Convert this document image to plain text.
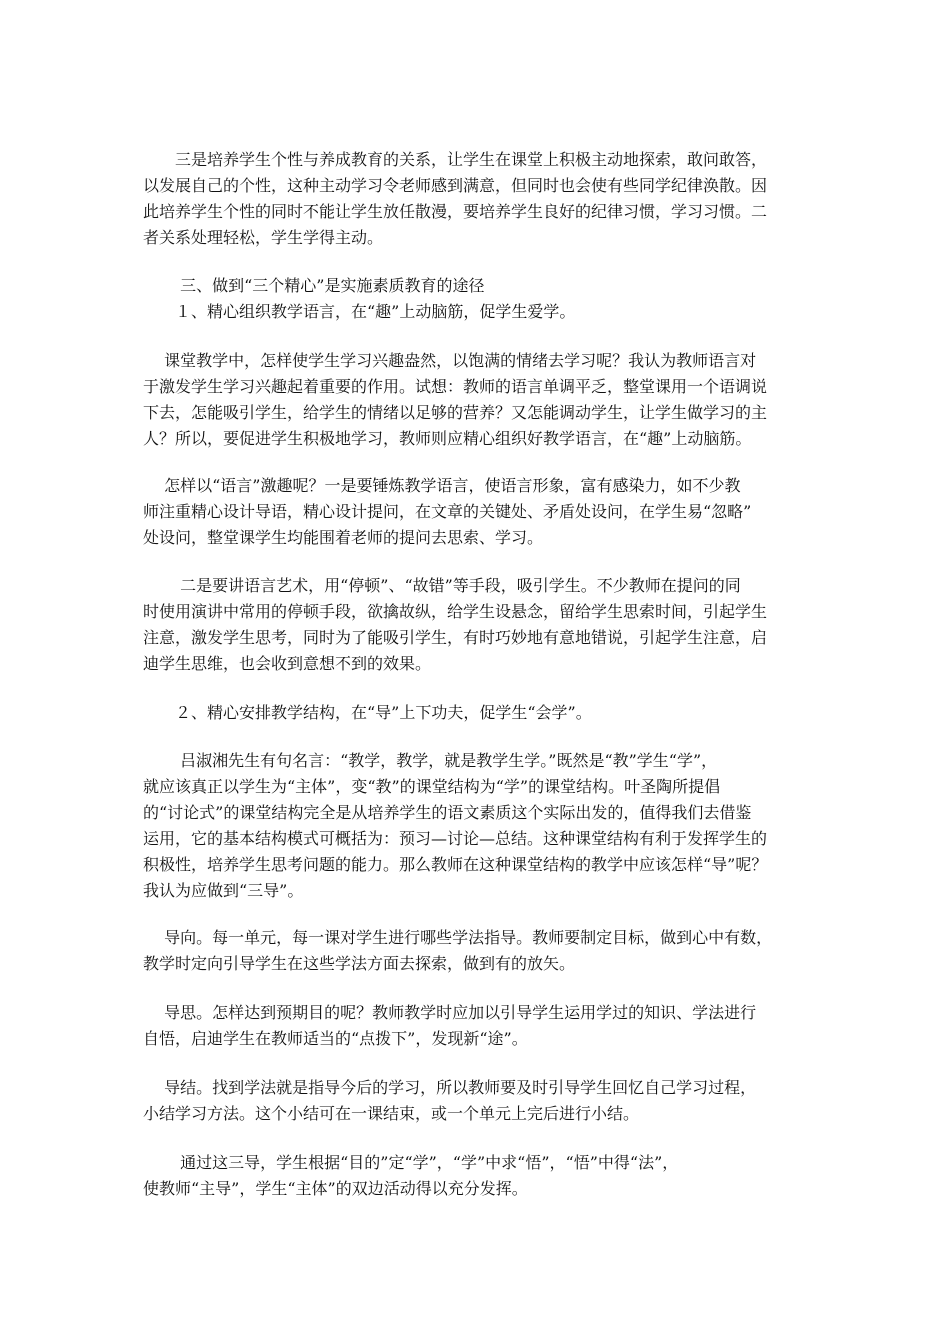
　　三是培养学生个性与养成教育的关系，让学生在课堂上积极主动地探索，敢问敢答，
以发展自己的个性，这种主动学习令老师感到满意，但同时也会使有些同学纪律涣散。因
此培养学生个性的同时不能让学生放任散漫，要培养学生良好的纪律习惯，学习习惯。二
者关系处理轻松，学生学得主动。

　　 三、做到“三个精心”是实施素质教育的途径
　　１、精心组织教学语言，在“趣”上动脑筋，促学生爱学。

　 课堂教学中，怎样使学生学习兴趣盎然，以饱满的情绪去学习呢？我认为教师语言对
于激发学生学习兴趣起着重要的作用。试想：教师的语言单调平乏，整堂课用一个语调说
下去，怎能吸引学生，给学生的情绪以足够的营养？又怎能调动学生，让学生做学习的主
人？所以，要促进学生积极地学习，教师则应精心组织好教学语言，在“趣”上动脑筋。

　 怎样以“语言”激趣呢？一是要锤炼教学语言，使语言形象，富有感染力，如不少教
师注重精心设计导语，精心设计提问，在文章的关键处、矛盾处设问，在学生易“忽略”
处设问，整堂课学生均能围着老师的提问去思索、学习。

　　 二是要讲语言艺术，用“停顿”、“故错”等手段，吸引学生。不少教师在提问的同
时使用演讲中常用的停顿手段，欲擒故纵，给学生设悬念，留给学生思索时间，引起学生
注意，激发学生思考，同时为了能吸引学生，有时巧妙地有意地错说，引起学生注意，启
迪学生思维，也会收到意想不到的效果。

　　２、精心安排教学结构，在“导”上下功夫，促学生“会学”。

　　 吕淑湘先生有句名言：“教学，教学，就是教学生学。”既然是“教”学生“学”，
就应该真正以学生为“主体”，变“教”的课堂结构为“学”的课堂结构。叶圣陶所提倡
的“讨论式”的课堂结构完全是从培养学生的语文素质这个实际出发的，值得我们去借鉴
运用，它的基本结构模式可概括为：预习—讨论—总结。这种课堂结构有利于发挥学生的
积极性，培养学生思考问题的能力。那么教师在这种课堂结构的教学中应该怎样“导”呢？
我认为应做到“三导”。

　 导向。每一单元，每一课对学生进行哪些学法指导。教师要制定目标，做到心中有数，
教学时定向引导学生在这些学法方面去探索，做到有的放矢。

　 导思。怎样达到预期目的呢？教师教学时应加以引导学生运用学过的知识、学法进行
自悟，启迪学生在教师适当的“点拨下”，发现新“途”。

　 导结。找到学法就是指导今后的学习，所以教师要及时引导学生回忆自己学习过程，
小结学习方法。这个小结可在一课结束，或一个单元上完后进行小结。

　　 通过这三导，学生根据“目的”定“学”，“学”中求“悟”，“悟”中得“法”，
使教师“主导”，学生“主体”的双边活动得以充分发挥。
